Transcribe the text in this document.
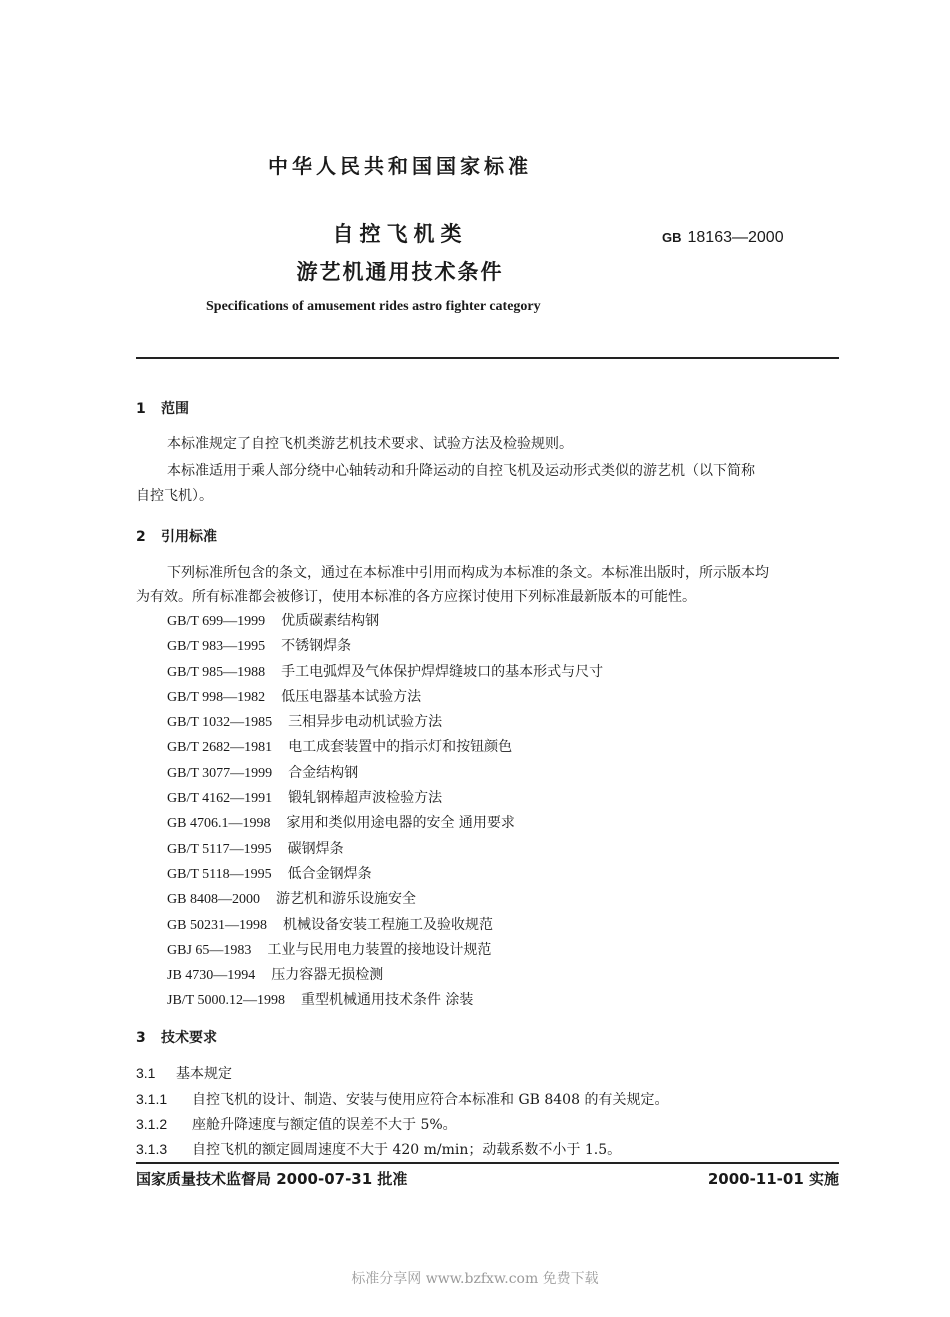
中华人民共和国国家标准
自控飞机类
游艺机通用技术条件
GB 18163—2000
Specifications of amusement rides astro fighter category
1 范围
本标准规定了自控飞机类游艺机技术要求、试验方法及检验规则。
本标准适用于乘人部分绕中心轴转动和升降运动的自控飞机及运动形式类似的游艺机（以下简称
自控飞机）。
2 引用标准
下列标准所包含的条文，通过在本标准中引用而构成为本标准的条文。本标准出版时，所示版本均
为有效。所有标准都会被修订，使用本标准的各方应探讨使用下列标准最新版本的可能性。
GB/T 699—1999 优质碳素结构钢
GB/T 983—1995 不锈钢焊条
GB/T 985—1988 手工电弧焊及气体保护焊焊缝坡口的基本形式与尺寸
GB/T 998—1982 低压电器基本试验方法
GB/T 1032—1985 三相异步电动机试验方法
GB/T 2682—1981 电工成套装置中的指示灯和按钮颜色
GB/T 3077—1999 合金结构钢
GB/T 4162—1991 锻轧钢棒超声波检验方法
GB 4706.1—1998 家用和类似用途电器的安全 通用要求
GB/T 5117—1995 碳钢焊条
GB/T 5118—1995 低合金钢焊条
GB 8408—2000 游艺机和游乐设施安全
GB 50231—1998 机械设备安装工程施工及验收规范
GBJ 65—1983 工业与民用电力装置的接地设计规范
JB 4730—1994 压力容器无损检测
JB/T 5000.12—1998 重型机械通用技术条件 涂装
3 技术要求
3.1 基本规定
3.1.1 自控飞机的设计、制造、安装与使用应符合本标准和 GB 8408 的有关规定。
3.1.2 座舱升降速度与额定值的误差不大于 5%。
3.1.3 自控飞机的额定圆周速度不大于 420 m/min；动载系数不小于 1.5。
国家质量技术监督局 2000-07-31 批准	2000-11-01 实施
标准分享网 www.bzfxw.com 免费下载
